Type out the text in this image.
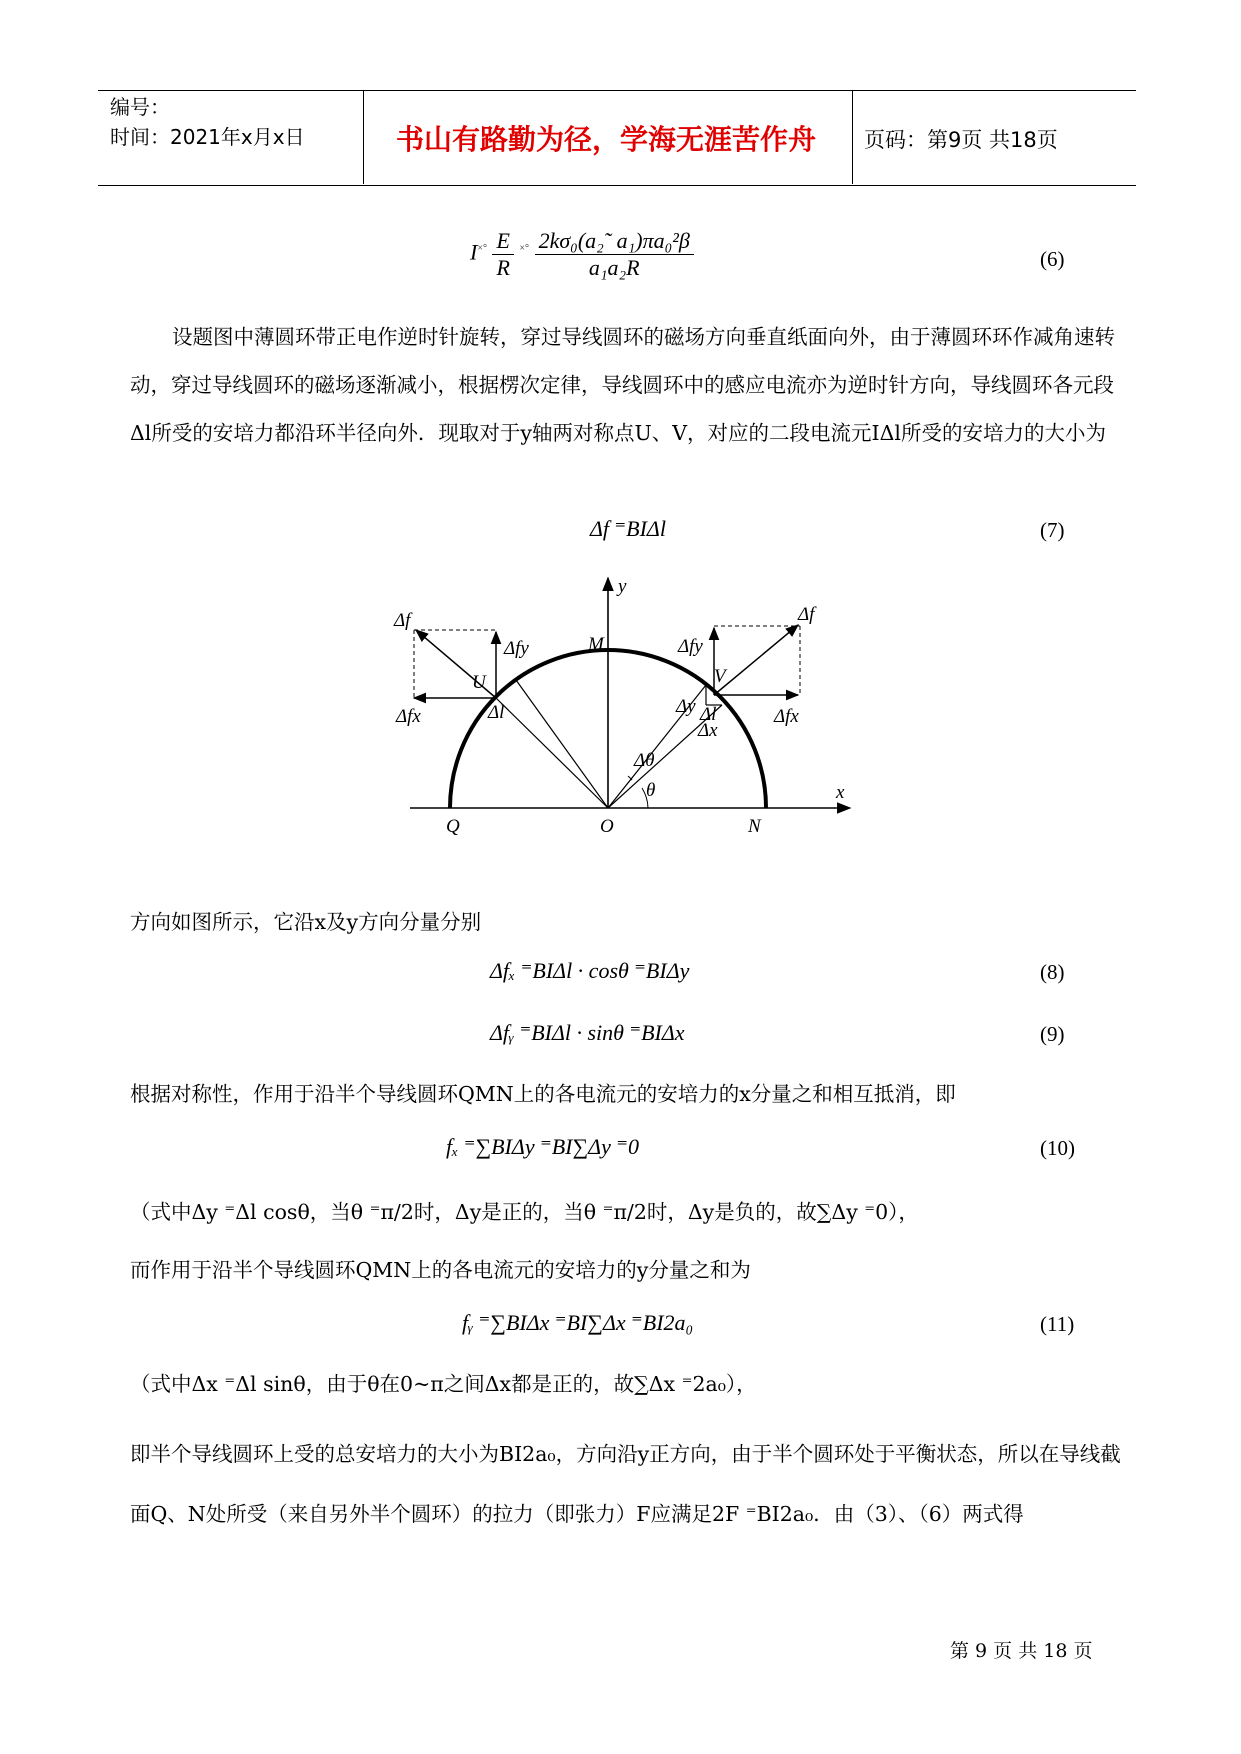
编号：
时间：2021年x月x日	书山有路勤为径，学海无涯苦作舟	页码：第9页 共18页
$I^{\times^\circ} \frac{E}{R} ^{\times^\circ} \frac{\text{2kσ₀(a₂˜ a₁)πa₀²β}}{\text{a₁a₂R}}$	(6)
设题图中薄圆环带正电作逆时针旋转，穿过导线圆环的磁场方向垂直纸面向外，由于薄圆环环作减角速转动，穿过导线圆环的磁场逐渐减小，根据楞次定律，导线圆环中的感应电流亦为逆时针方向，导线圆环各元段Δl所受的安培力都沿环半径向外．现取对于y轴两对称点U、V，对应的二段电流元IΔl所受的安培力的大小为
Δf ⁼BIΔl	(7)
y
x
M
O
Q	N
U	V
Δl	Δl
Δf	Δf
Δfy	Δfy
Δfx	Δfx
Δy
Δx
Δθ
θ
方向如图所示，它沿x及y方向分量分别
Δfₓ ⁼BIΔl · cosθ ⁼BIΔy	(8)
Δfᵧ ⁼BIΔl · sinθ ⁼BIΔx	(9)
根据对称性，作用于沿半个导线圆环QMN上的各电流元的安培力的x分量之和相互抵消，即
fₓ ⁼∑BIΔy ⁼BI∑Δy ⁼0	(10)
（式中Δy ⁼Δl cosθ，当θ ⁼π/2时，Δy是正的，当θ ⁼π/2时，Δy是负的，故∑Δy ⁼0），
而作用于沿半个导线圆环QMN上的各电流元的安培力的y分量之和为
fᵧ ⁼∑BIΔx ⁼BI∑Δx ⁼BI2a₀	(11)
（式中Δx ⁼Δl sinθ，由于θ在0~π之间Δx都是正的，故∑Δx ⁼2a₀），
即半个导线圆环上受的总安培力的大小为BI2a₀，方向沿y正方向，由于半个圆环处于平衡状态，所以在导线截面Q、N处所受（来自另外半个圆环）的拉力（即张力）F应满足2F ⁼BI2a₀．由（3）、（6）两式得
第 9 页 共 18 页
